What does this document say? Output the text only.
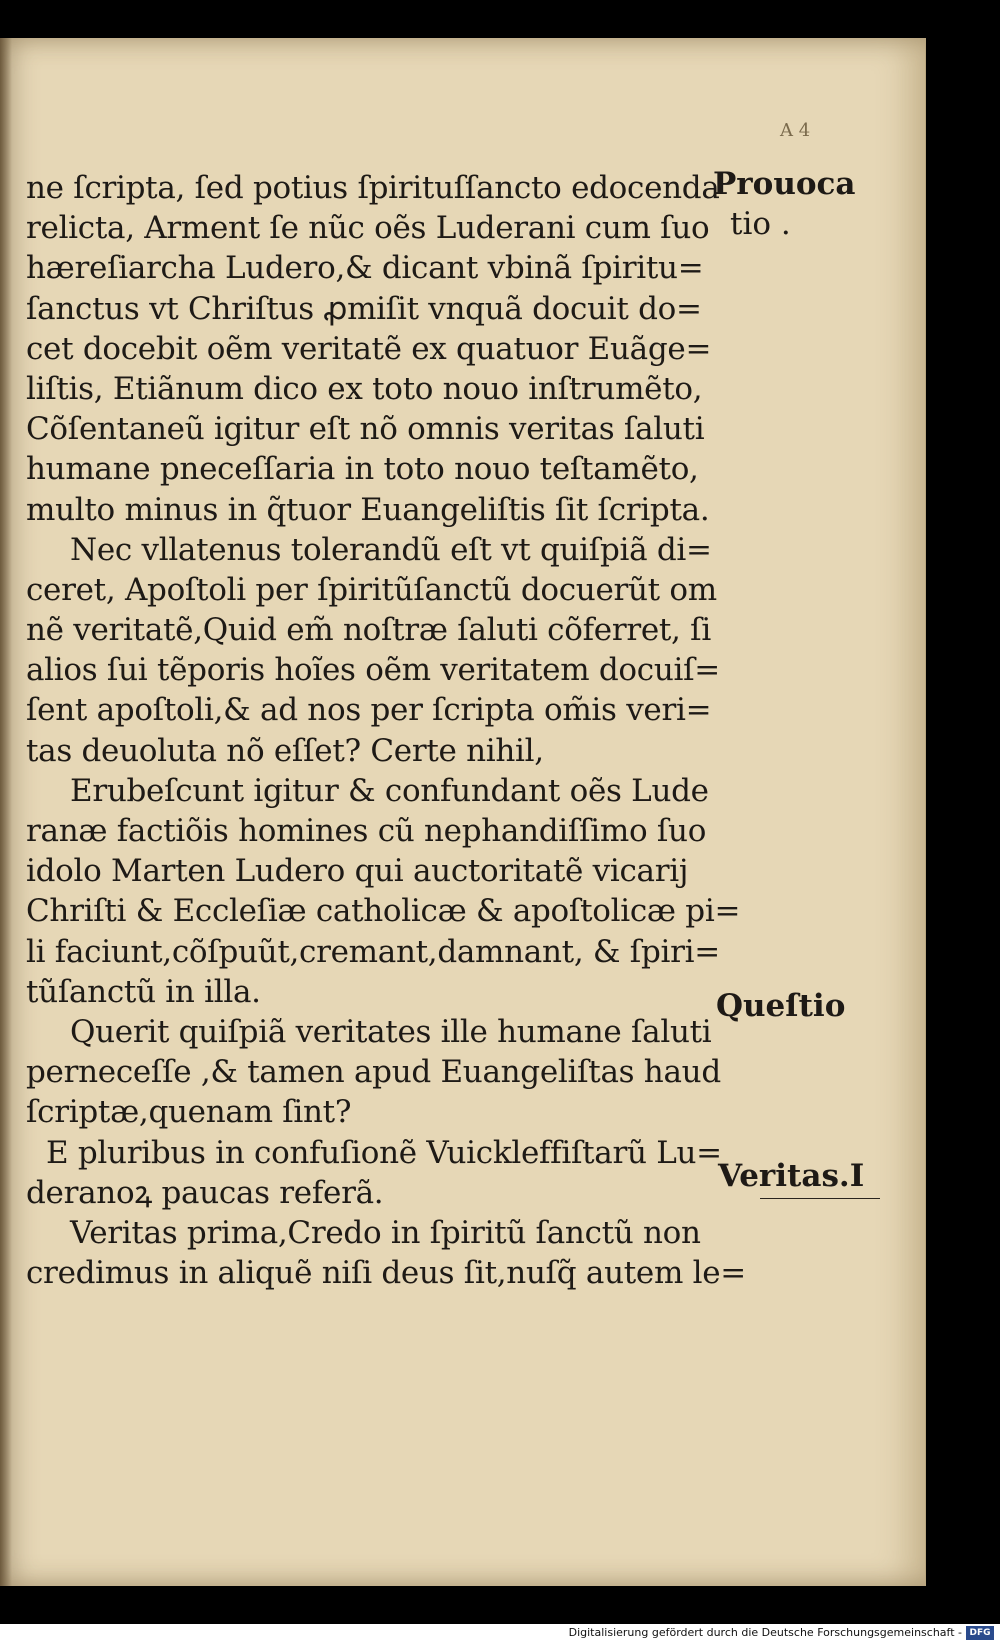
A 4
ne ſcripta, ſed potius ſpirituſſancto edocenda
relicta, Arment ſe nũc oẽs Luderani cum ſuo
hæreſiarcha Ludero,& dicant vbinã ſpiritu=
ſanctus vt Chriſtus ꝓmiſit vnquã docuit do=
cet docebit oẽm veritatẽ ex quatuor Euãge=
liſtis, Etiãnum dico ex toto nouo inſtrumẽto,
Cõſentaneũ igitur eſt nõ omnis veritas ſaluti
humane pneceſſaria in toto nouo teſtamẽto,
multo minus in q̃tuor Euangeliſtis ſit ſcripta.
Nec vllatenus tolerandũ eſt vt quiſpiã di=
ceret, Apoſtoli per ſpiritũſanctũ docuerũt om
nẽ veritatẽ,Quid em̃ noſtræ ſaluti cõferret, ſi
alios ſui tẽporis hoĩes oẽm veritatem docuiſ=
ſent apoſtoli,& ad nos per ſcripta om̃is veri=
tas deuoluta nõ eſſet? Certe nihil,
Erubeſcunt igitur & confundant oẽs Lude
ranæ factiõis homines cũ nephandiſſimo ſuo
idolo Marten Ludero qui auctoritatẽ vicarij
Chriſti & Eccleſiæ catholicæ & apoſtolicæ pi=
li faciunt,cõſpuũt,cremant,damnant, & ſpiri=
tũſanctũ in illa.
Querit quiſpiã veritates ille humane ſaluti
perneceſſe ,& tamen apud Euangeliſtas haud
ſcriptæ,quenam ſint?
E pluribus in confuſionẽ Vuickleffiſtarũ Lu=
deranoꝝ paucas referã.
Veritas prima,Credo in ſpiritũ ſanctũ non
credimus in aliquẽ niſi deus ſit,nuſq̃ autem le=
Prouoca
tio .
Queſtio
Veritas.I
Digitalisierung gefördert durch die Deutsche Forschungsgemeinschaft - DFG
